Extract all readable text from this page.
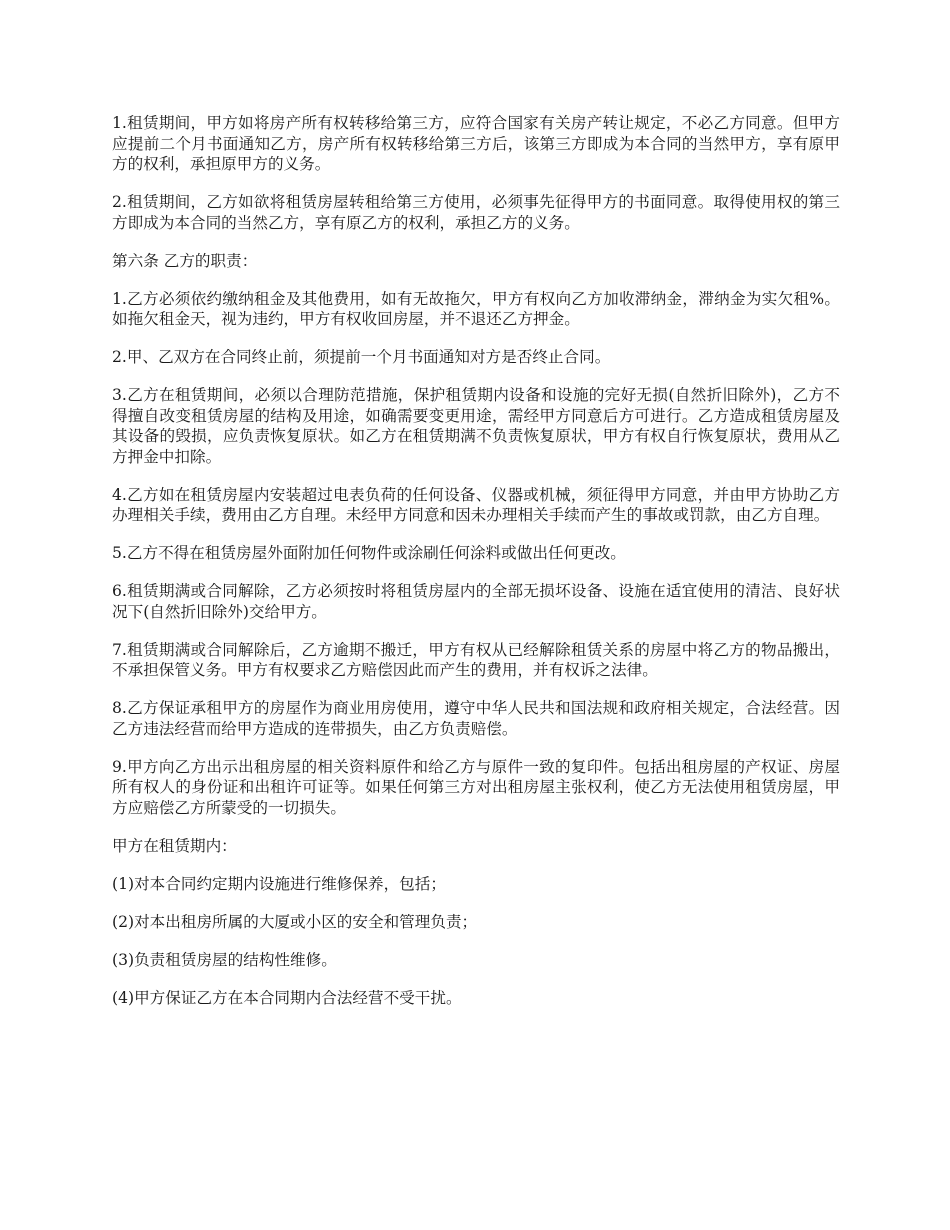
1.租赁期间，甲方如将房产所有权转移给第三方，应符合国家有关房产转让规定，不必乙方同意。但甲方应提前二个月书面通知乙方，房产所有权转移给第三方后，该第三方即成为本合同的当然甲方，享有原甲方的权利，承担原甲方的义务。

2.租赁期间，乙方如欲将租赁房屋转租给第三方使用，必须事先征得甲方的书面同意。取得使用权的第三方即成为本合同的当然乙方，享有原乙方的权利，承担乙方的义务。

第六条 乙方的职责：

1.乙方必须依约缴纳租金及其他费用，如有无故拖欠，甲方有权向乙方加收滞纳金，滞纳金为实欠租%。如拖欠租金天，视为违约，甲方有权收回房屋，并不退还乙方押金。

2.甲、乙双方在合同终止前，须提前一个月书面通知对方是否终止合同。

3.乙方在租赁期间，必须以合理防范措施，保护租赁期内设备和设施的完好无损(自然折旧除外)，乙方不得擅自改变租赁房屋的结构及用途，如确需要变更用途，需经甲方同意后方可进行。乙方造成租赁房屋及其设备的毁损，应负责恢复原状。如乙方在租赁期满不负责恢复原状，甲方有权自行恢复原状，费用从乙方押金中扣除。

4.乙方如在租赁房屋内安装超过电表负荷的任何设备、仪器或机械，须征得甲方同意，并由甲方协助乙方办理相关手续，费用由乙方自理。未经甲方同意和因未办理相关手续而产生的事故或罚款，由乙方自理。

5.乙方不得在租赁房屋外面附加任何物件或涂刷任何涂料或做出任何更改。

6.租赁期满或合同解除，乙方必须按时将租赁房屋内的全部无损坏设备、设施在适宜使用的清洁、良好状况下(自然折旧除外)交给甲方。

7.租赁期满或合同解除后，乙方逾期不搬迁，甲方有权从已经解除租赁关系的房屋中将乙方的物品搬出，不承担保管义务。甲方有权要求乙方赔偿因此而产生的费用，并有权诉之法律。

8.乙方保证承租甲方的房屋作为商业用房使用，遵守中华人民共和国法规和政府相关规定，合法经营。因乙方违法经营而给甲方造成的连带损失，由乙方负责赔偿。

9.甲方向乙方出示出租房屋的相关资料原件和给乙方与原件一致的复印件。包括出租房屋的产权证、房屋所有权人的身份证和出租许可证等。如果任何第三方对出租房屋主张权利，使乙方无法使用租赁房屋，甲方应赔偿乙方所蒙受的一切损失。

甲方在租赁期内：

(1)对本合同约定期内设施进行维修保养，包括；

(2)对本出租房所属的大厦或小区的安全和管理负责；

(3)负责租赁房屋的结构性维修。

(4)甲方保证乙方在本合同期内合法经营不受干扰。
